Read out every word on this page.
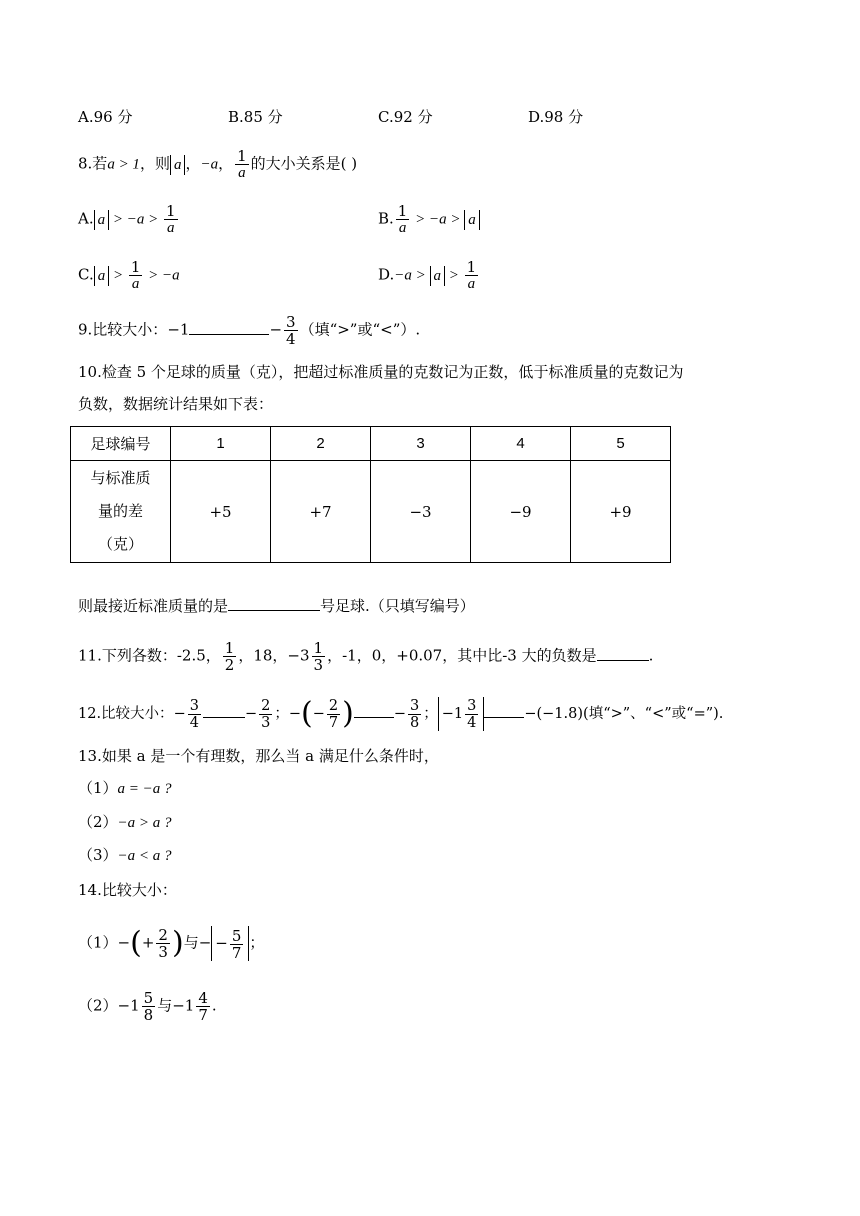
A.96 分	B.85 分	C.92 分	D.98 分
8.若a > 1，则 a ，−a， $\frac{1}{a}$ 的大小关系是( )
A. $a > -a > \frac{1}{a}$	B. $\frac{1}{a} > -a > a$
C. $a > \frac{1}{a} > -a$	$D.-a > a > \frac{1}{a}$
9.比较大小：−1	− $\frac{3}{4}$ （填“>”或“<”）.
10.检查 5 个足球的质量（克），把超过标准质量的克数记为正数，低于标准质量的克数记为
负数，数据统计结果如下表：
足球编号	1	2	3	4	5

与标准质
量的差
（克）	+5	+7	−3	−9	+9
则最接近标准质量的是	号足球.（只填写编号）
11.下列各数：-2.5， $\frac{1}{2}$ ，18，$-3 \frac{1}{3}$ ，-1，0，+0.07，其中比-3 大的负数是	.
12.比较大小：− $\frac{3}{4}$	− $\frac{2}{3}$ ；−(− $\frac{2}{7}$ )	− $\frac{3}{8}$ ； $-1 \frac{3}{4}$	−(−1.8)(填“>”、“<”或“=”).
13.如果 a 是一个有理数，那么当 a 满足什么条件时，
（1）a = −a ?
（2）−a > a ?
（3）−a < a ?
14.比较大小：
$(1)-(+ \frac{2}{3}$ )与− − $\frac{5}{7}$ ；
$(2)-1 \frac{5}{8}$ 与$-1 \frac{4}{7}$ .
